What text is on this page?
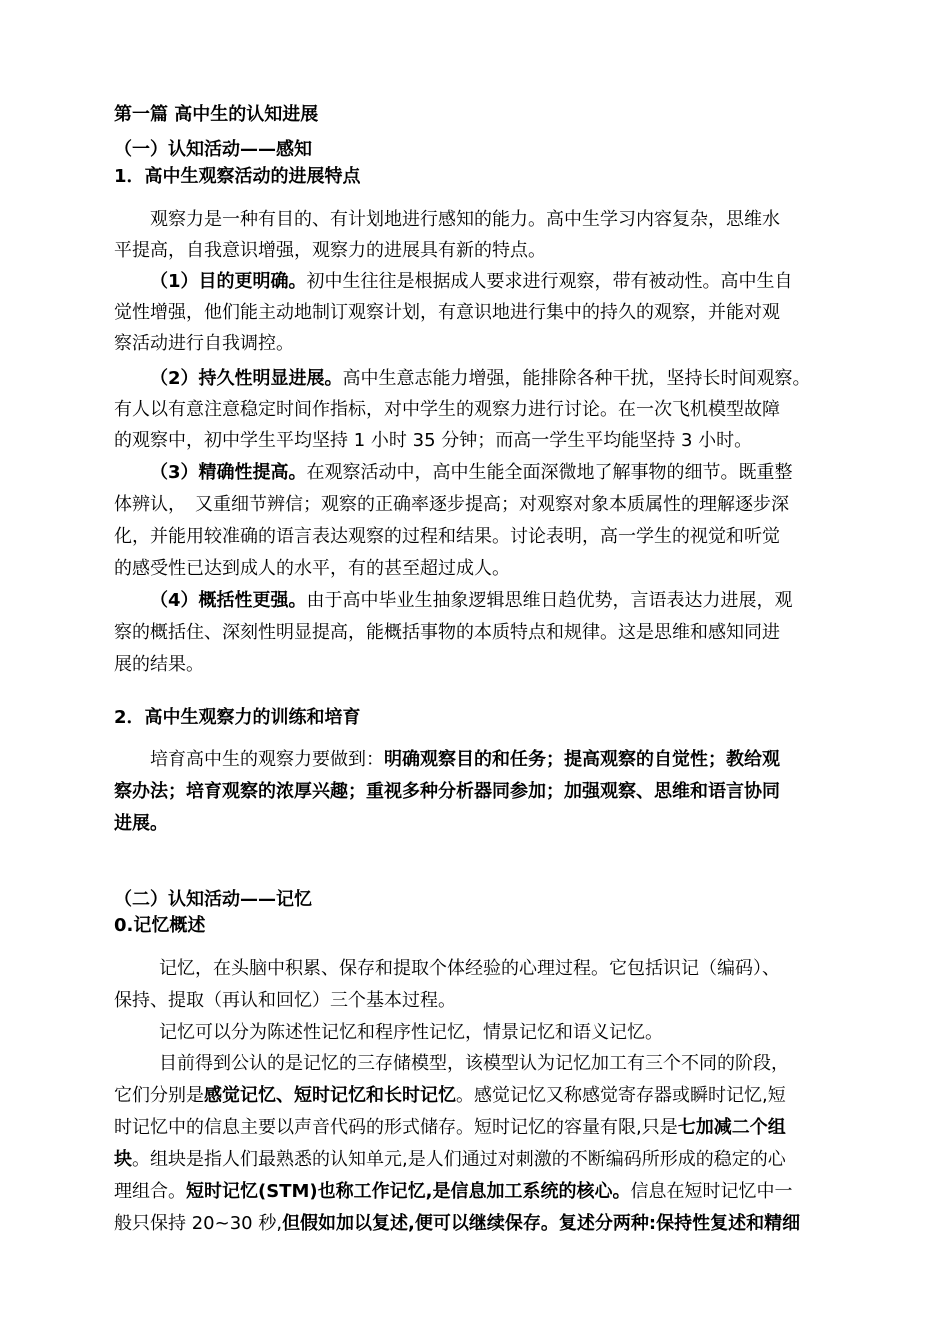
第一篇 高中生的认知进展
（一）认知活动——感知
1．高中生观察活动的进展特点
观察力是一种有目的、有计划地进行感知的能力。高中生学习内容复杂，思维水
平提高，自我意识增强，观察力的进展具有新的特点。
（1）目的更明确。初中生往往是根据成人要求进行观察，带有被动性。高中生自
觉性增强，他们能主动地制订观察计划，有意识地进行集中的持久的观察，并能对观
察活动进行自我调控。
（2）持久性明显进展。高中生意志能力增强，能排除各种干扰，坚持长时间观察。
有人以有意注意稳定时间作指标，对中学生的观察力进行讨论。在一次飞机模型故障
的观察中，初中学生平均坚持 1 小时 35 分钟；而高一学生平均能坚持 3 小时。
（3）精确性提高。在观察活动中，高中生能全面深微地了解事物的细节。既重整
体辨认，　又重细节辨信；观察的正确率逐步提高；对观察对象本质属性的理解逐步深
化，并能用较准确的语言表达观察的过程和结果。讨论表明，高一学生的视觉和听觉
的感受性已达到成人的水平，有的甚至超过成人。
（4）概括性更强。由于高中毕业生抽象逻辑思维日趋优势，言语表达力进展，观
察的概括住、深刻性明显提高，能概括事物的本质特点和规律。这是思维和感知同进
展的结果。
2．高中生观察力的训练和培育
培育高中生的观察力要做到：明确观察目的和任务；提高观察的自觉性；教给观
察办法；培育观察的浓厚兴趣；重视多种分析器同参加；加强观察、思维和语言协同
进展。
（二）认知活动——记忆
0.记忆概述
记忆，在头脑中积累、保存和提取个体经验的心理过程。它包括识记（编码）、
保持、提取（再认和回忆）三个基本过程。
记忆可以分为陈述性记忆和程序性记忆，情景记忆和语义记忆。
目前得到公认的是记忆的三存储模型，该模型认为记忆加工有三个不同的阶段，
它们分别是感觉记忆、短时记忆和长时记忆。感觉记忆又称感觉寄存器或瞬时记忆,短
时记忆中的信息主要以声音代码的形式储存。短时记忆的容量有限,只是七加减二个组
块。组块是指人们最熟悉的认知单元,是人们通过对刺激的不断编码所形成的稳定的心
理组合。短时记忆(STM)也称工作记忆,是信息加工系统的核心。信息在短时记忆中一
般只保持 20~30 秒,但假如加以复述,便可以继续保存。复述分两种:保持性复述和精细
